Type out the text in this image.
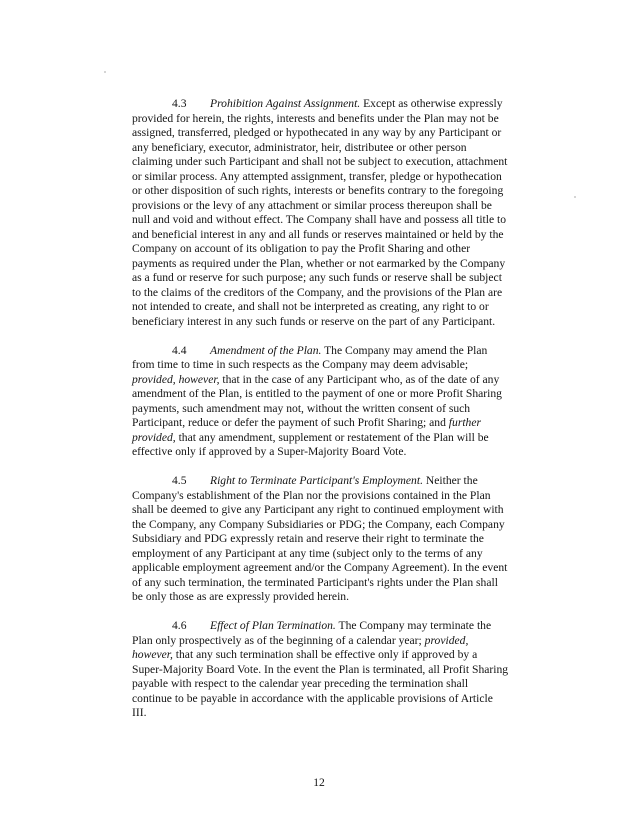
4.3 Prohibition Against Assignment. Except as otherwise expressly provided for herein, the rights, interests and benefits under the Plan may not be assigned, transferred, pledged or hypothecated in any way by any Participant or any beneficiary, executor, administrator, heir, distributee or other person claiming under such Participant and shall not be subject to execution, attachment or similar process. Any attempted assignment, transfer, pledge or hypothecation or other disposition of such rights, interests or benefits contrary to the foregoing provisions or the levy of any attachment or similar process thereupon shall be null and void and without effect. The Company shall have and possess all title to and beneficial interest in any and all funds or reserves maintained or held by the Company on account of its obligation to pay the Profit Sharing and other payments as required under the Plan, whether or not earmarked by the Company as a fund or reserve for such purpose; any such funds or reserve shall be subject to the claims of the creditors of the Company, and the provisions of the Plan are not intended to create, and shall not be interpreted as creating, any right to or beneficiary interest in any such funds or reserve on the part of any Participant.

4.4 Amendment of the Plan. The Company may amend the Plan from time to time in such respects as the Company may deem advisable; provided, however, that in the case of any Participant who, as of the date of any amendment of the Plan, is entitled to the payment of one or more Profit Sharing payments, such amendment may not, without the written consent of such Participant, reduce or defer the payment of such Profit Sharing; and further provided, that any amendment, supplement or restatement of the Plan will be effective only if approved by a Super-Majority Board Vote.

4.5 Right to Terminate Participant's Employment. Neither the Company's establishment of the Plan nor the provisions contained in the Plan shall be deemed to give any Participant any right to continued employment with the Company, any Company Subsidiaries or PDG; the Company, each Company Subsidiary and PDG expressly retain and reserve their right to terminate the employment of any Participant at any time (subject only to the terms of any applicable employment agreement and/or the Company Agreement). In the event of any such termination, the terminated Participant's rights under the Plan shall be only those as are expressly provided herein.

4.6 Effect of Plan Termination. The Company may terminate the Plan only prospectively as of the beginning of a calendar year; provided, however, that any such termination shall be effective only if approved by a Super-Majority Board Vote. In the event the Plan is terminated, all Profit Sharing payable with respect to the calendar year preceding the termination shall continue to be payable in accordance with the applicable provisions of Article III.

12
